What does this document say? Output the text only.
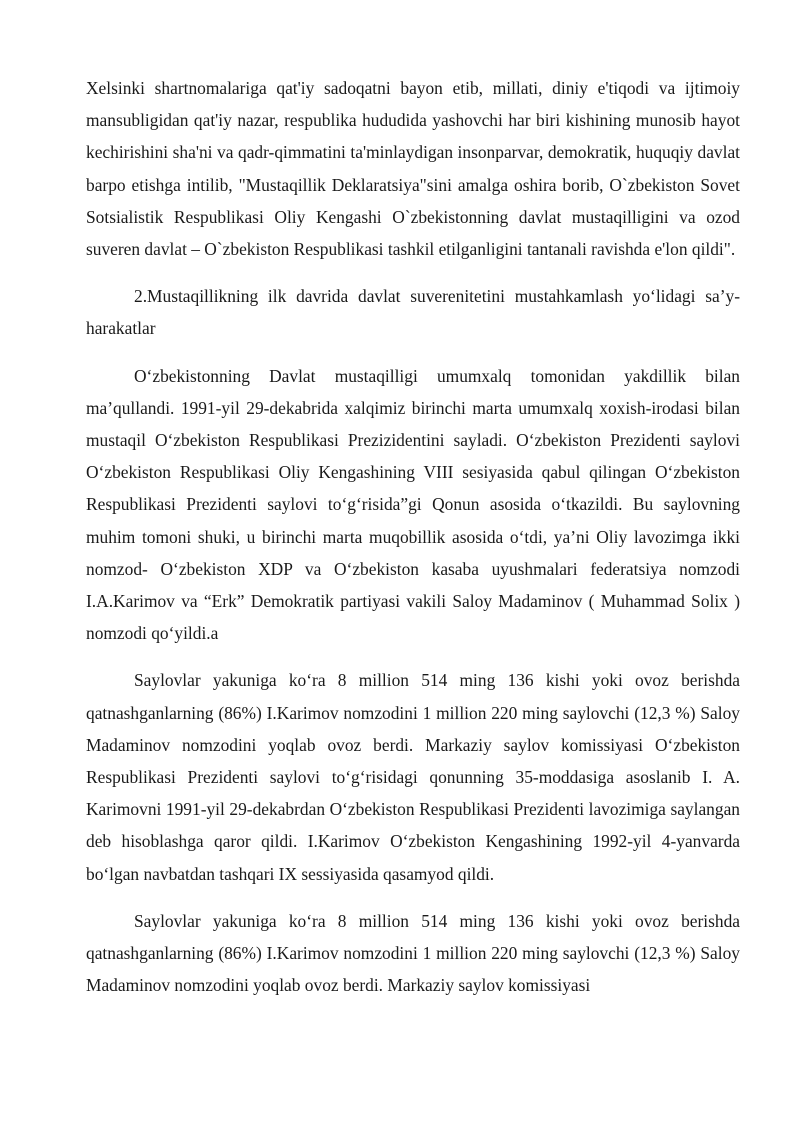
Xelsinki shartnomalariga qat'iy sadoqatni bayon etib, millati, diniy e'tiqodi va ijtimoiy mansubligidan qat'iy nazar, respublika hududida yashovchi har biri kishining munosib hayot kechirishini sha'ni va qadr-qimmatini ta'minlaydigan insonparvar, demokratik, huquqiy davlat barpo etishga intilib, "Mustaqillik Deklaratsiya"sini amalga oshira borib, O`zbekiston Sovet Sotsialistik Respublikasi Oliy Kengashi O`zbekistonning davlat mustaqilligini va ozod suveren davlat – O`zbekiston Respublikasi tashkil etilganligini tantanali ravishda e'lon qildi".

2.Mustaqillikning ilk davrida davlat suverenitetini mustahkamlash yo‘lidagi sa’y-harakatlar

O‘zbekistonning Davlat mustaqilligi umumxalq tomonidan yakdillik bilan ma’qullandi. 1991-yil 29-dekabrida xalqimiz birinchi marta umumxalq xoxish-irodasi bilan mustaqil O‘zbekiston Respublikasi Prezizidentini sayladi. O‘zbekiston Prezidenti saylovi O‘zbekiston Respublikasi Oliy Kengashining VIII sesiyasida qabul qilingan O‘zbekiston Respublikasi Prezidenti saylovi to‘g‘risida”gi Qonun asosida o‘tkazildi. Bu saylovning muhim tomoni shuki, u birinchi marta muqobillik asosida o‘tdi, ya’ni Oliy lavozimga ikki nomzod- O‘zbekiston XDP va O‘zbekiston kasaba uyushmalari federatsiya nomzodi I.A.Karimov va “Erk” Demokratik partiyasi vakili Saloy Madaminov ( Muhammad Solix ) nomzodi qo‘yildi.a

Saylovlar yakuniga ko‘ra 8 million 514 ming 136 kishi yoki ovoz berishda qatnashganlarning (86%) I.Karimov nomzodini 1 million 220 ming saylovchi (12,3 %) Saloy Madaminov nomzodini yoqlab ovoz berdi. Markaziy saylov komissiyasi O‘zbekiston Respublikasi Prezidenti saylovi to‘g‘risidagi qonunning 35-moddasiga asoslanib I. A. Karimovni 1991-yil 29-dekabrdan O‘zbekiston Respublikasi Prezidenti lavozimiga saylangan deb hisoblashga qaror qildi. I.Karimov O‘zbekiston Kengashining 1992-yil 4-yanvarda bo‘lgan navbatdan tashqari IX sessiyasida qasamyod qildi.

Saylovlar yakuniga ko‘ra 8 million 514 ming 136 kishi yoki ovoz berishda qatnashganlarning (86%) I.Karimov nomzodini 1 million 220 ming saylovchi (12,3 %) Saloy Madaminov nomzodini yoqlab ovoz berdi. Markaziy saylov komissiyasi
